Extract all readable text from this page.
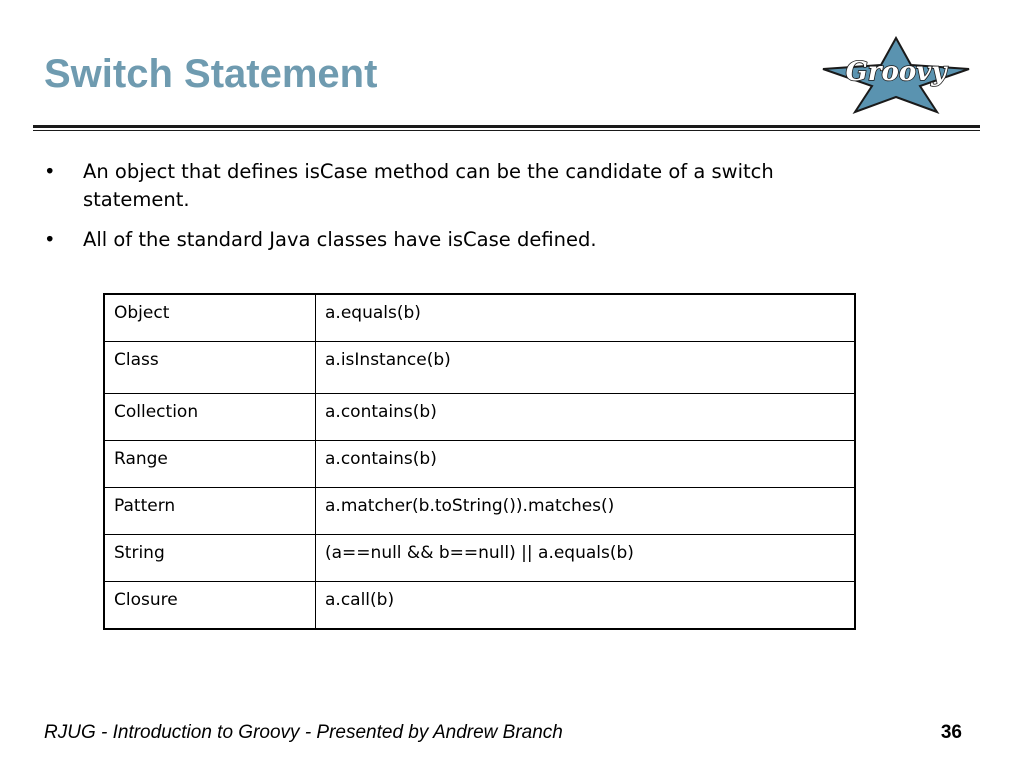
Switch Statement	Groovy
• An object that defines isCase method can be the candidate of a switch statement.
• All of the standard Java classes have isCase defined.
Object	a.equals(b)
Class	a.isInstance(b)
Collection	a.contains(b)
Range	a.contains(b)
Pattern	a.matcher(b.toString()).matches()
String	(a==null && b==null) || a.equals(b)
Closure	a.call(b)
RJUG - Introduction to Groovy - Presented by Andrew Branch	36
